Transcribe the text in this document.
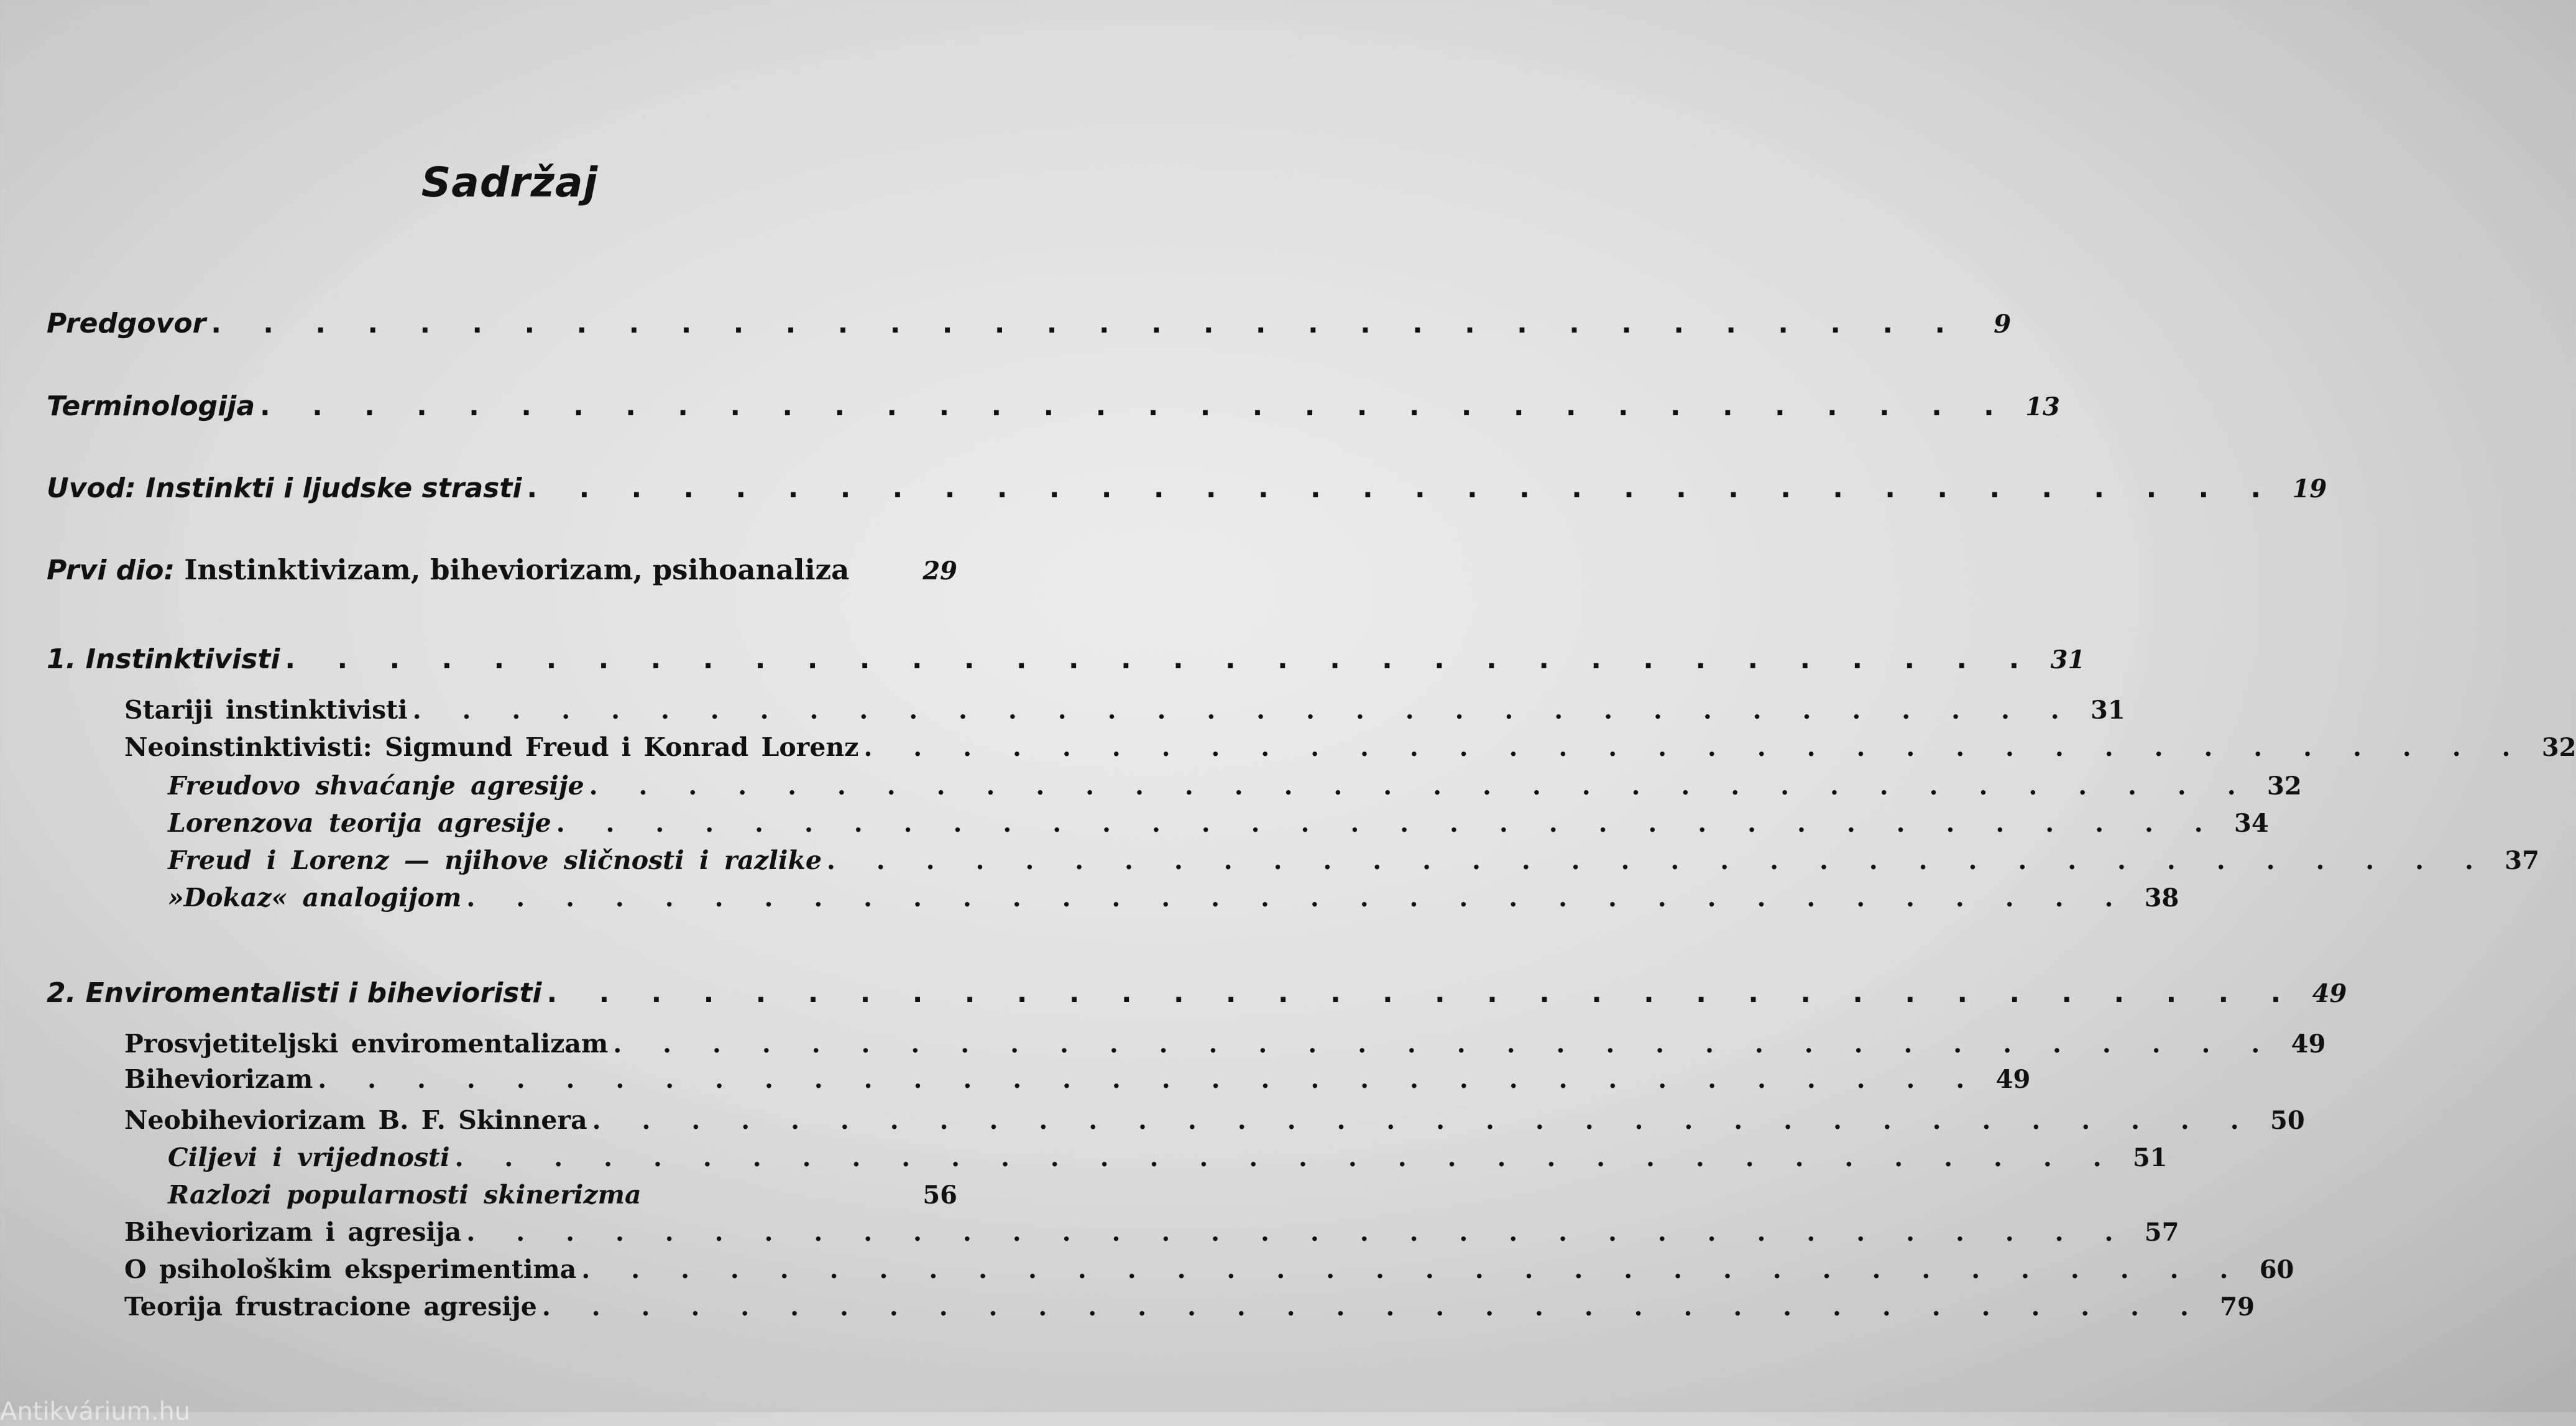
Sadržaj
Predgovor . . . . . . . . . . . . . . . . . . . . . . . . . . . . . . . . . .	9
Terminologija . . . . . . . . . . . . . . . . . . . . . . . . . . . . . . . . . . 13
Uvod: Instinkti i ljudske strasti . . . . . . . . . . . . . . . . . . . . . . . . . . . . . . . . . . 19
Prvi dio: Instinktivizam, biheviorizam, psihoanaliza	29
1. Instinktivisti . . . . . . . . . . . . . . . . . . . . . . . . . . . . . . . . . . 31
Stariji instinktivisti . . . . . . . . . . . . . . . . . . . . . . . . . . . . . . . . . . 31
Neoinstinktivisti: Sigmund Freud i Konrad Lorenz . . . . . . . . . . . . . . . . . . . . . . . . . . . . . . . . . . 32
Freudovo shvaćanje agresije . . . . . . . . . . . . . . . . . . . . . . . . . . . . . . . . . . 32
Lorenzova teorija agresije . . . . . . . . . . . . . . . . . . . . . . . . . . . . . . . . . . 34
Freud i Lorenz — njihove sličnosti i razlike . . . . . . . . . . . . . . . . . . . . . . . . . . . . . . . . . . 37
»Dokaz« analogijom . . . . . . . . . . . . . . . . . . . . . . . . . . . . . . . . . . 38
2. Enviromentalisti i bihevioristi . . . . . . . . . . . . . . . . . . . . . . . . . . . . . . . . . . 49
Prosvjetiteljski enviromentalizam . . . . . . . . . . . . . . . . . . . . . . . . . . . . . . . . . . 49
Biheviorizam . . . . . . . . . . . . . . . . . . . . . . . . . . . . . . . . . . 49
Neobiheviorizam B. F. Skinnera . . . . . . . . . . . . . . . . . . . . . . . . . . . . . . . . . . 50
Ciljevi i vrijednosti . . . . . . . . . . . . . . . . . . . . . . . . . . . . . . . . . . 51
Razlozi popularnosti skinerizma	56
Biheviorizam i agresija . . . . . . . . . . . . . . . . . . . . . . . . . . . . . . . . . . 57
O psihološkim eksperimentima . . . . . . . . . . . . . . . . . . . . . . . . . . . . . . . . . . 60
Teorija frustracione agresije . . . . . . . . . . . . . . . . . . . . . . . . . . . . . . . . . . 79
Antikvárium.hu
